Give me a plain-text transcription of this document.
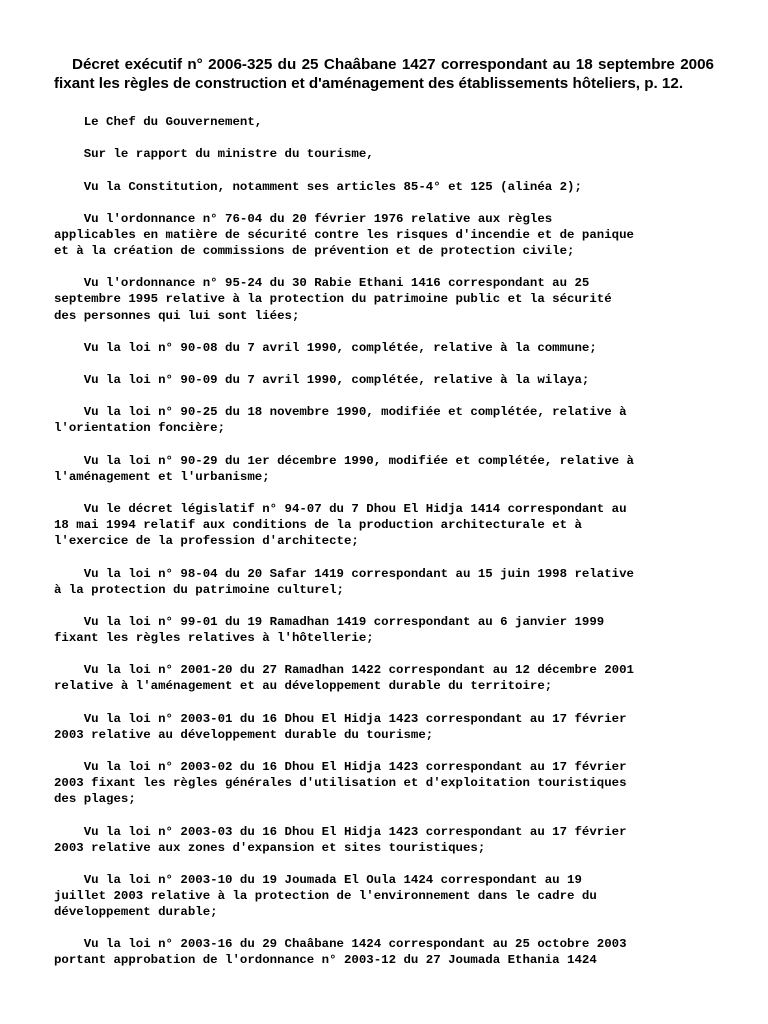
Décret exécutif n° 2006-325 du 25 Chaâbane 1427 correspondant au 18 septembre 2006 fixant les règles de construction et d'aménagement des établissements hôteliers, p. 12.

Le Chef du Gouvernement,

Sur le rapport du ministre du tourisme,

Vu la Constitution, notamment ses articles 85-4° et 125 (alinéa 2);

Vu l'ordonnance n° 76-04 du 20 février 1976 relative aux règles
applicables en matière de sécurité contre les risques d'incendie et de panique
et à la création de commissions de prévention et de protection civile;

Vu l'ordonnance n° 95-24 du 30 Rabie Ethani 1416 correspondant au 25
septembre 1995 relative à la protection du patrimoine public et la sécurité
des personnes qui lui sont liées;

Vu la loi n° 90-08 du 7 avril 1990, complétée, relative à la commune;

Vu la loi n° 90-09 du 7 avril 1990, complétée, relative à la wilaya;

Vu la loi n° 90-25 du 18 novembre 1990, modifiée et complétée, relative à
l'orientation foncière;

Vu la loi n° 90-29 du 1er décembre 1990, modifiée et complétée, relative à
l'aménagement et l'urbanisme;

Vu le décret législatif n° 94-07 du 7 Dhou El Hidja 1414 correspondant au
18 mai 1994 relatif aux conditions de la production architecturale et à
l'exercice de la profession d'architecte;

Vu la loi n° 98-04 du 20 Safar 1419 correspondant au 15 juin 1998 relative
à la protection du patrimoine culturel;

Vu la loi n° 99-01 du 19 Ramadhan 1419 correspondant au 6 janvier 1999
fixant les règles relatives à l'hôtellerie;

Vu la loi n° 2001-20 du 27 Ramadhan 1422 correspondant au 12 décembre 2001
relative à l'aménagement et au développement durable du territoire;

Vu la loi n° 2003-01 du 16 Dhou El Hidja 1423 correspondant au 17 février
2003 relative au développement durable du tourisme;

Vu la loi n° 2003-02 du 16 Dhou El Hidja 1423 correspondant au 17 février
2003 fixant les règles générales d'utilisation et d'exploitation touristiques
des plages;

Vu la loi n° 2003-03 du 16 Dhou El Hidja 1423 correspondant au 17 février
2003 relative aux zones d'expansion et sites touristiques;

Vu la loi n° 2003-10 du 19 Joumada El Oula 1424 correspondant au 19
juillet 2003 relative à la protection de l'environnement dans le cadre du
développement durable;

Vu la loi n° 2003-16 du 29 Chaâbane 1424 correspondant au 25 octobre 2003
portant approbation de l'ordonnance n° 2003-12 du 27 Joumada Ethania 1424
